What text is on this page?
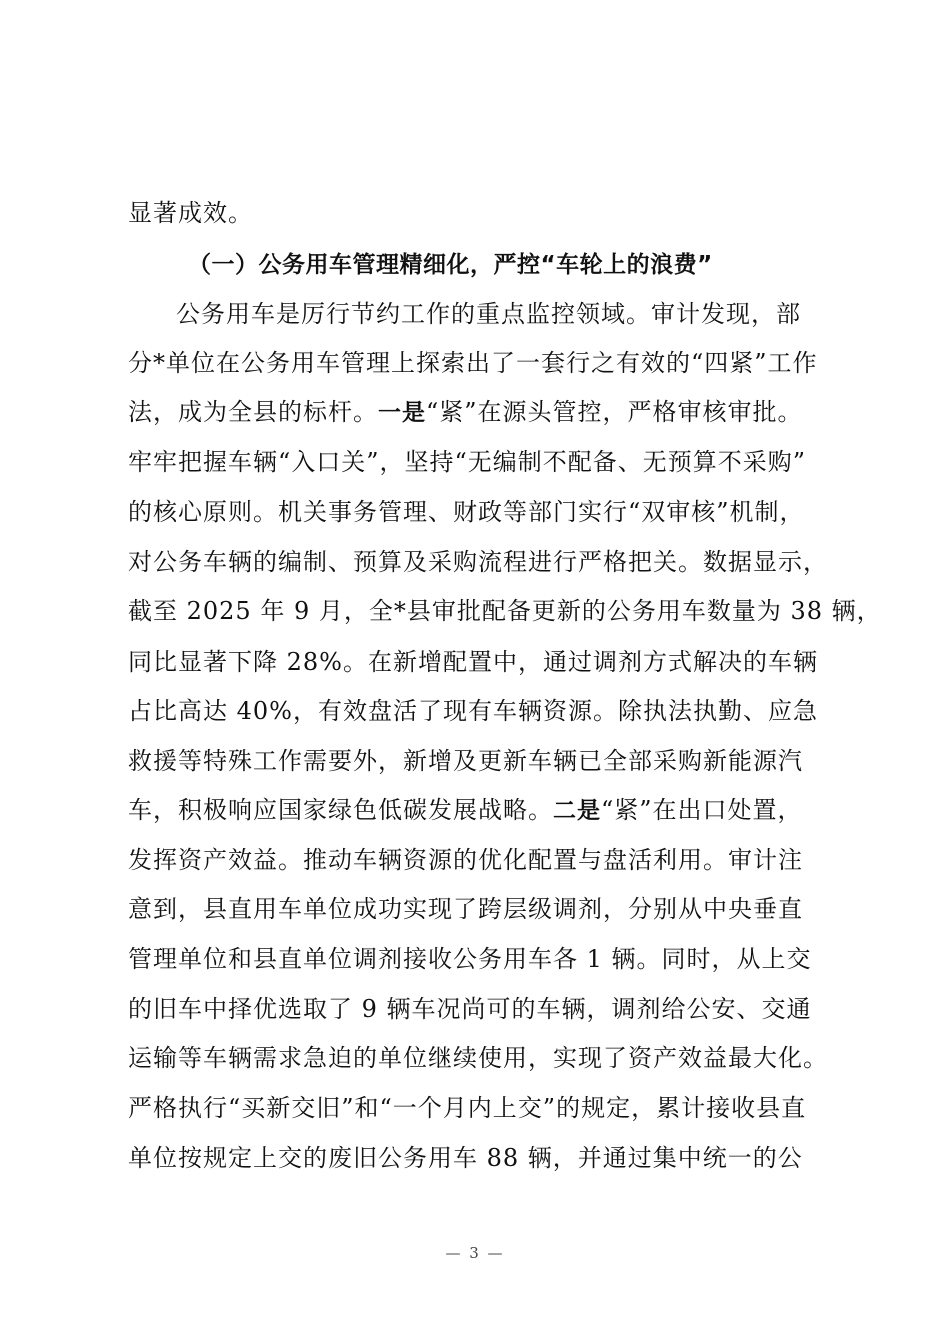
显著成效。
（一）公务用车管理精细化，严控“车轮上的浪费”
公务用车是厉行节约工作的重点监控领域。审计发现，部
分*单位在公务用车管理上探索出了一套行之有效的“四紧”工作
法，成为全县的标杆。一是“紧”在源头管控，严格审核审批。
牢牢把握车辆“入口关”，坚持“无编制不配备、无预算不采购”
的核心原则。机关事务管理、财政等部门实行“双审核”机制，
对公务车辆的编制、预算及采购流程进行严格把关。数据显示，
截至 2025 年 9 月，全*县审批配备更新的公务用车数量为 38 辆，
同比显著下降 28%。在新增配置中，通过调剂方式解决的车辆
占比高达 40%，有效盘活了现有车辆资源。除执法执勤、应急
救援等特殊工作需要外，新增及更新车辆已全部采购新能源汽
车，积极响应国家绿色低碳发展战略。二是“紧”在出口处置，
发挥资产效益。推动车辆资源的优化配置与盘活利用。审计注
意到，县直用车单位成功实现了跨层级调剂，分别从中央垂直
管理单位和县直单位调剂接收公务用车各 1 辆。同时，从上交
的旧车中择优选取了 9 辆车况尚可的车辆，调剂给公安、交通
运输等车辆需求急迫的单位继续使用，实现了资产效益最大化。
严格执行“买新交旧”和“一个月内上交”的规定，累计接收县直
单位按规定上交的废旧公务用车 88 辆，并通过集中统一的公
— 3 —
